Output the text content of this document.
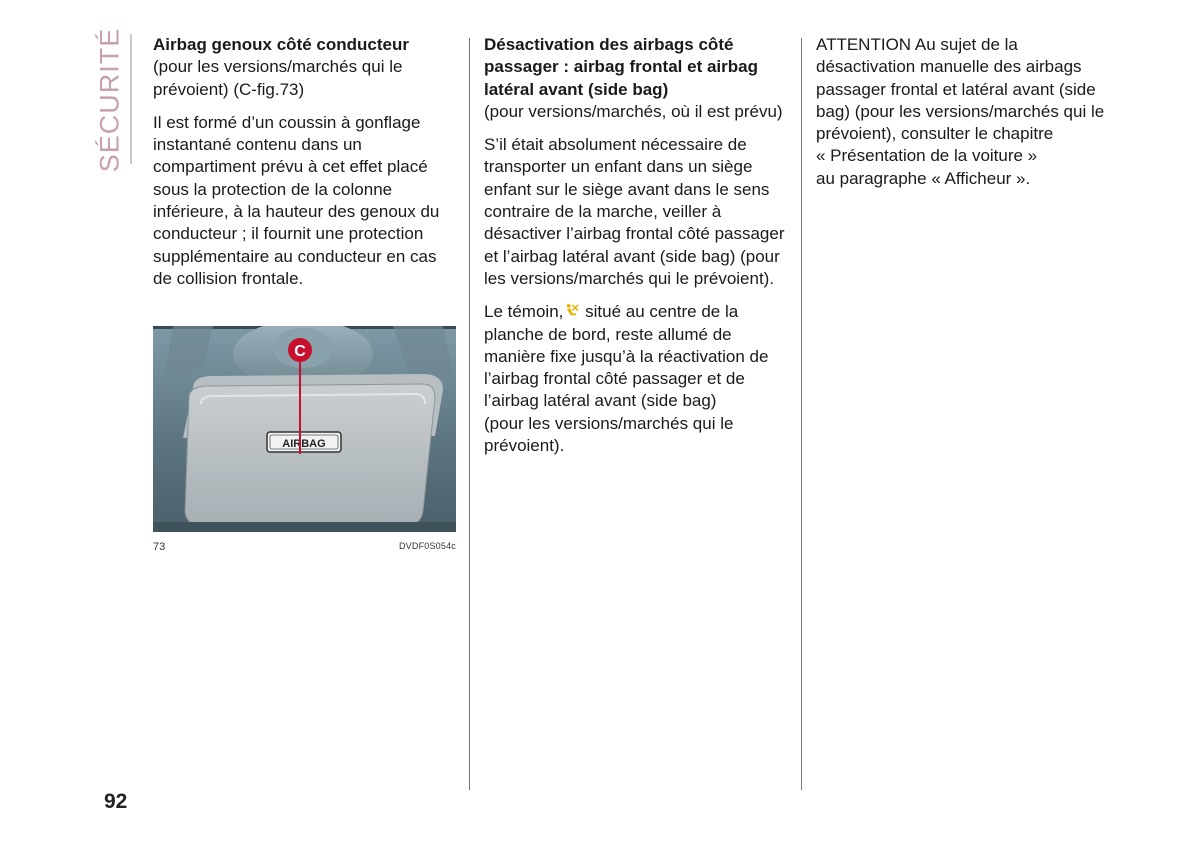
SÉCURITÉ Airbag genoux côté conducteur

(pour les versions/marchés qui le prévoient) (C-fig.73)

Il est formé d’un coussin à gonflage instantané contenu dans un compartiment prévu à cet effet placé sous la protection de la colonne inférieure, à la hauteur des genoux du conducteur ; il fournit une protection supplémentaire au conducteur en cas de collision frontale.

AIRBAG
C
73	DVDF0S054c
Désactivation des airbags côté passager : airbag frontal et airbag latéral avant (side bag)

(pour versions/marchés, où il est prévu)

S’il était absolument nécessaire de transporter un enfant dans un siège enfant sur le siège avant dans le sens contraire de la marche, veiller à désactiver l’airbag frontal côté passager et l’airbag latéral avant (side bag) (pour les versions/marchés qui le prévoient).

Le témoin, situé au centre de la planche de bord, reste allumé de manière fixe jusqu’à la réactivation de l’airbag frontal côté passager et de l’airbag latéral avant (side bag)
(pour les versions/marchés qui le prévoient).

ATTENTION Au sujet de la désactivation manuelle des airbags passager frontal et latéral avant (side bag) (pour les versions/marchés qui le prévoient), consulter le chapitre
« Présentation de la voiture »
au paragraphe « Afficheur ».

92
